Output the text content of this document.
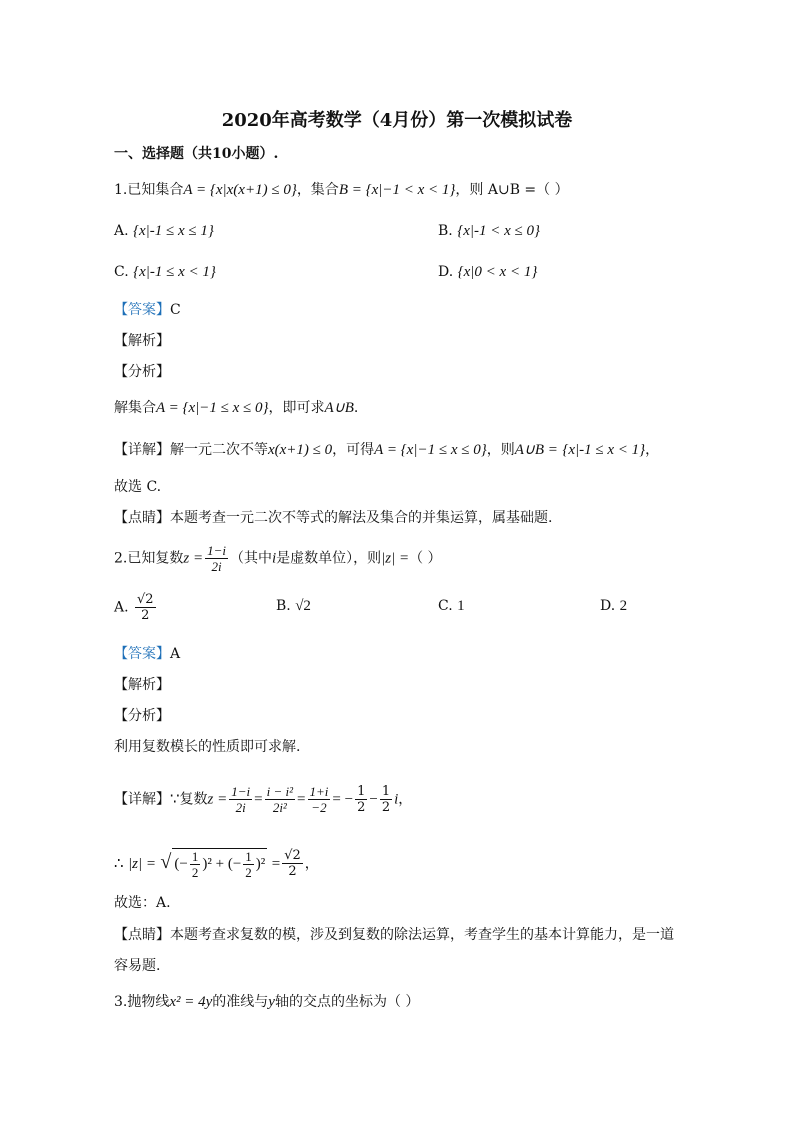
2020年高考数学（4月份）第一次模拟试卷
一、选择题（共10小题）.
1.已知集合A = {x|x(x+1) ≤ 0}，集合B = {x|−1 < x < 1}，则 A∪B =（ ）
A. {x|-1 ≤ x ≤ 1}	B. {x|-1 < x ≤ 0}
C. {x|-1 ≤ x < 1}	D. {x|0 < x < 1}
【答案】C
【解析】
【分析】
解集合A = {x|−1 ≤ x ≤ 0}，即可求A∪B.
【详解】解一元二次不等x(x+1) ≤ 0，可得A = {x|−1 ≤ x ≤ 0}，则A∪B = {x|-1 ≤ x < 1}，
故选 C.
【点睛】本题考查一元二次不等式的解法及集合的并集运算，属基础题.
2.已知复数$z = \frac{1-i}{2i}$ （其中i是虚数单位），则|z| =（ ）
A. $\frac{√2}{2}$	B. √2	C. 1	D. 2
【答案】A
【解析】
【分析】
利用复数模长的性质即可求解.
【详解】∵复数$z = \frac{1-i}{2i} = \frac{\text{i − i²}}{\text{2i²}} = \frac{1+i}{-2}$ = − $\frac{1}{2} - \frac{1}{2}$ i，
∴ |z| = √ (− $\frac{1}{2} )^2$ + (− $\frac{1}{2} )^2 = \frac{√2}{2}$ ，
故选：A.
【点睛】本题考查求复数的模，涉及到复数的除法运算，考查学生的基本计算能力，是一道
容易题.
3.抛物线x² = 4y的准线与y轴的交点的坐标为（ ）
